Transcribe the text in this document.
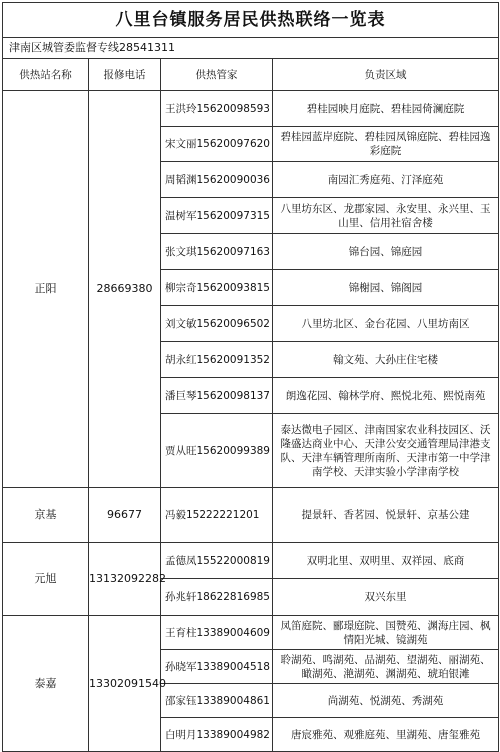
八里台镇服务居民供热联络一览表			
津南区城管委监督专线28541311			
供热站名称	报修电话	供热管家	负责区域
正阳	28669380	王洪玲15620098593	碧桂园映月庭院、碧桂园倚澜庭院
		宋文丽15620097620	碧桂园蓝岸庭院、碧桂园凤锦庭院、碧桂园逸彩庭院
		周韬渊15620090036	南园汇秀庭苑、汀泽庭苑
		温树军15620097315	八里坊东区、龙郡家园、永安里、永兴里、玉山里、信用社宿舍楼
		张文琪15620097163	锦台园、锦庭园
		柳宗奇15620093815	锦榭园、锦阁园
		刘文敏15620096502	八里坊北区、金台花园、八里坊南区
		胡永红15620091352	翰文苑、大孙庄住宅楼
		潘巨琴15620098137	朗逸花园、翰林学府、熙悦北苑、熙悦南苑
		贾从旺15620099389	泰达微电子园区、津南国家农业科技园区、沃隆盛达商业中心、天津公安交通管理局津港支队、天津车辆管理所南所、天津市第一中学津南学校、天津实验小学津南学校
京基	96677	冯毅15222221201	提景轩、香茗园、悦景轩、京基公建
元旭	13132092282	孟德凤15522000819	双明北里、双明里、双祥园、底商
		孙兆轩18622816985	双兴东里
泰嘉	13302091540	王育柱13389004609	凤笛庭院、郦璟庭院、国赞苑、渊海庄园、枫情阳光城、镜湖苑
		孙晓军13389004518	聆湖苑、鸣湖苑、品湖苑、望湖苑、丽湖苑、瞰湖苑、滟湖苑、渊湖苑、琥珀银滩
		邵家钰13389004861	尚湖苑、悦湖苑、秀湖苑
		白明月13389004982	唐宸雅苑、观雅庭苑、里湖苑、唐玺雅苑
